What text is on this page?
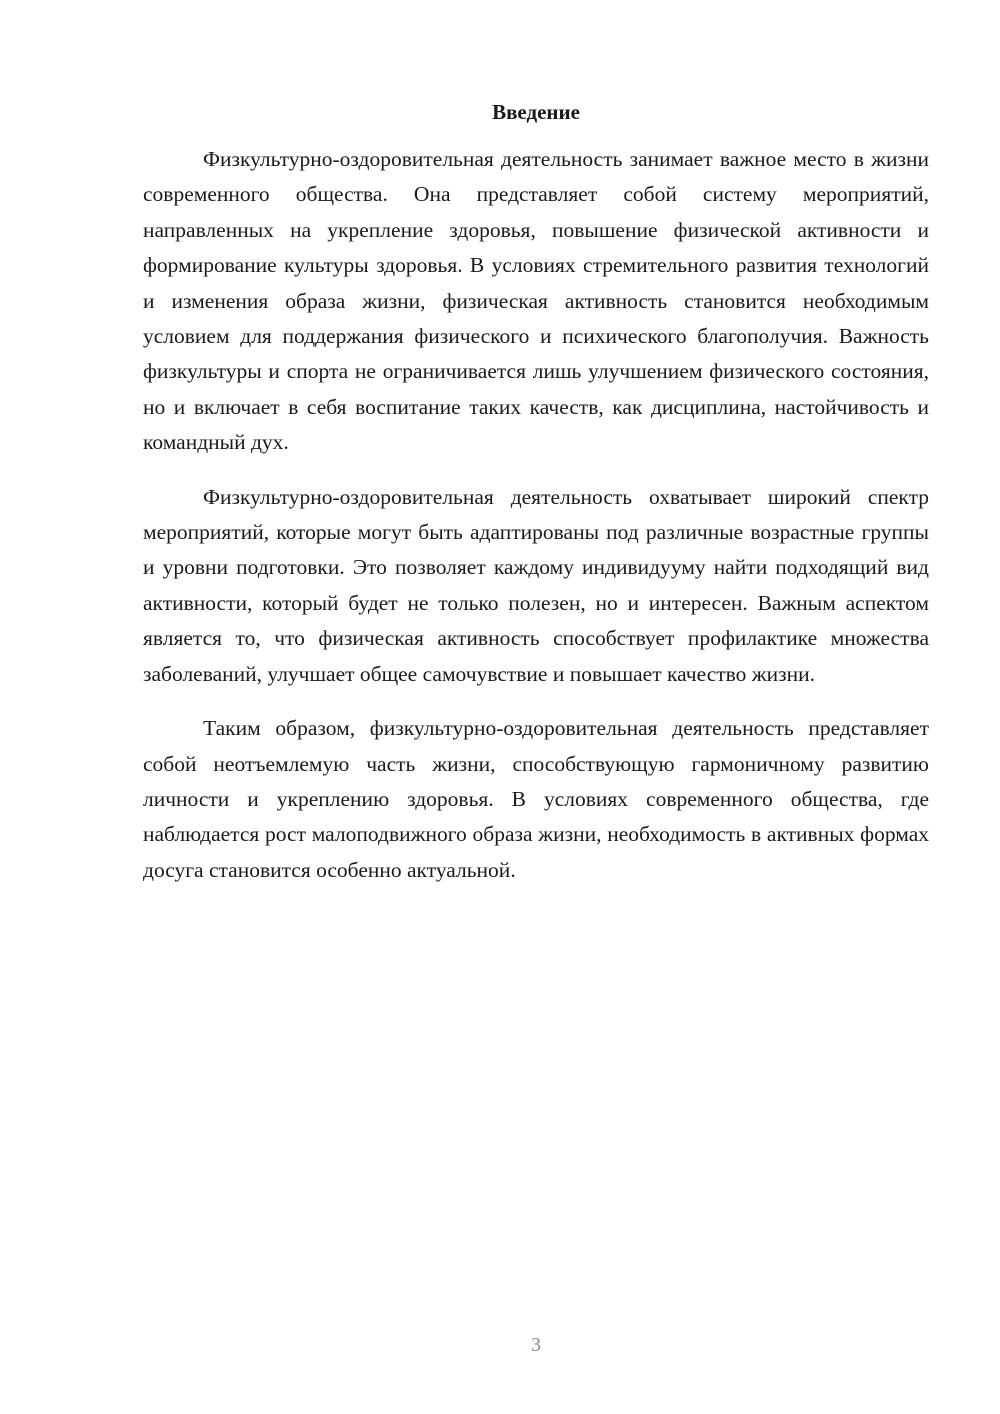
Введение

Физкультурно-оздоровительная деятельность занимает важное место в жизни современного общества. Она представляет собой систему мероприятий, направленных на укрепление здоровья, повышение физической активности и формирование культуры здоровья. В условиях стремительного развития технологий и изменения образа жизни, физическая активность становится необходимым условием для поддержания физического и психического благополучия. Важность физкультуры и спорта не ограничивается лишь улучшением физического состояния, но и включает в себя воспитание таких качеств, как дисциплина, настойчивость и командный дух.

Физкультурно-оздоровительная деятельность охватывает широкий спектр мероприятий, которые могут быть адаптированы под различные возрастные группы и уровни подготовки. Это позволяет каждому индивидууму найти подходящий вид активности, который будет не только полезен, но и интересен. Важным аспектом является то, что физическая активность способствует профилактике множества заболеваний, улучшает общее самочувствие и повышает качество жизни.

Таким образом, физкультурно-оздоровительная деятельность представляет собой неотъемлемую часть жизни, способствующую гармоничному развитию личности и укреплению здоровья. В условиях современного общества, где наблюдается рост малоподвижного образа жизни, необходимость в активных формах досуга становится особенно актуальной.

3
